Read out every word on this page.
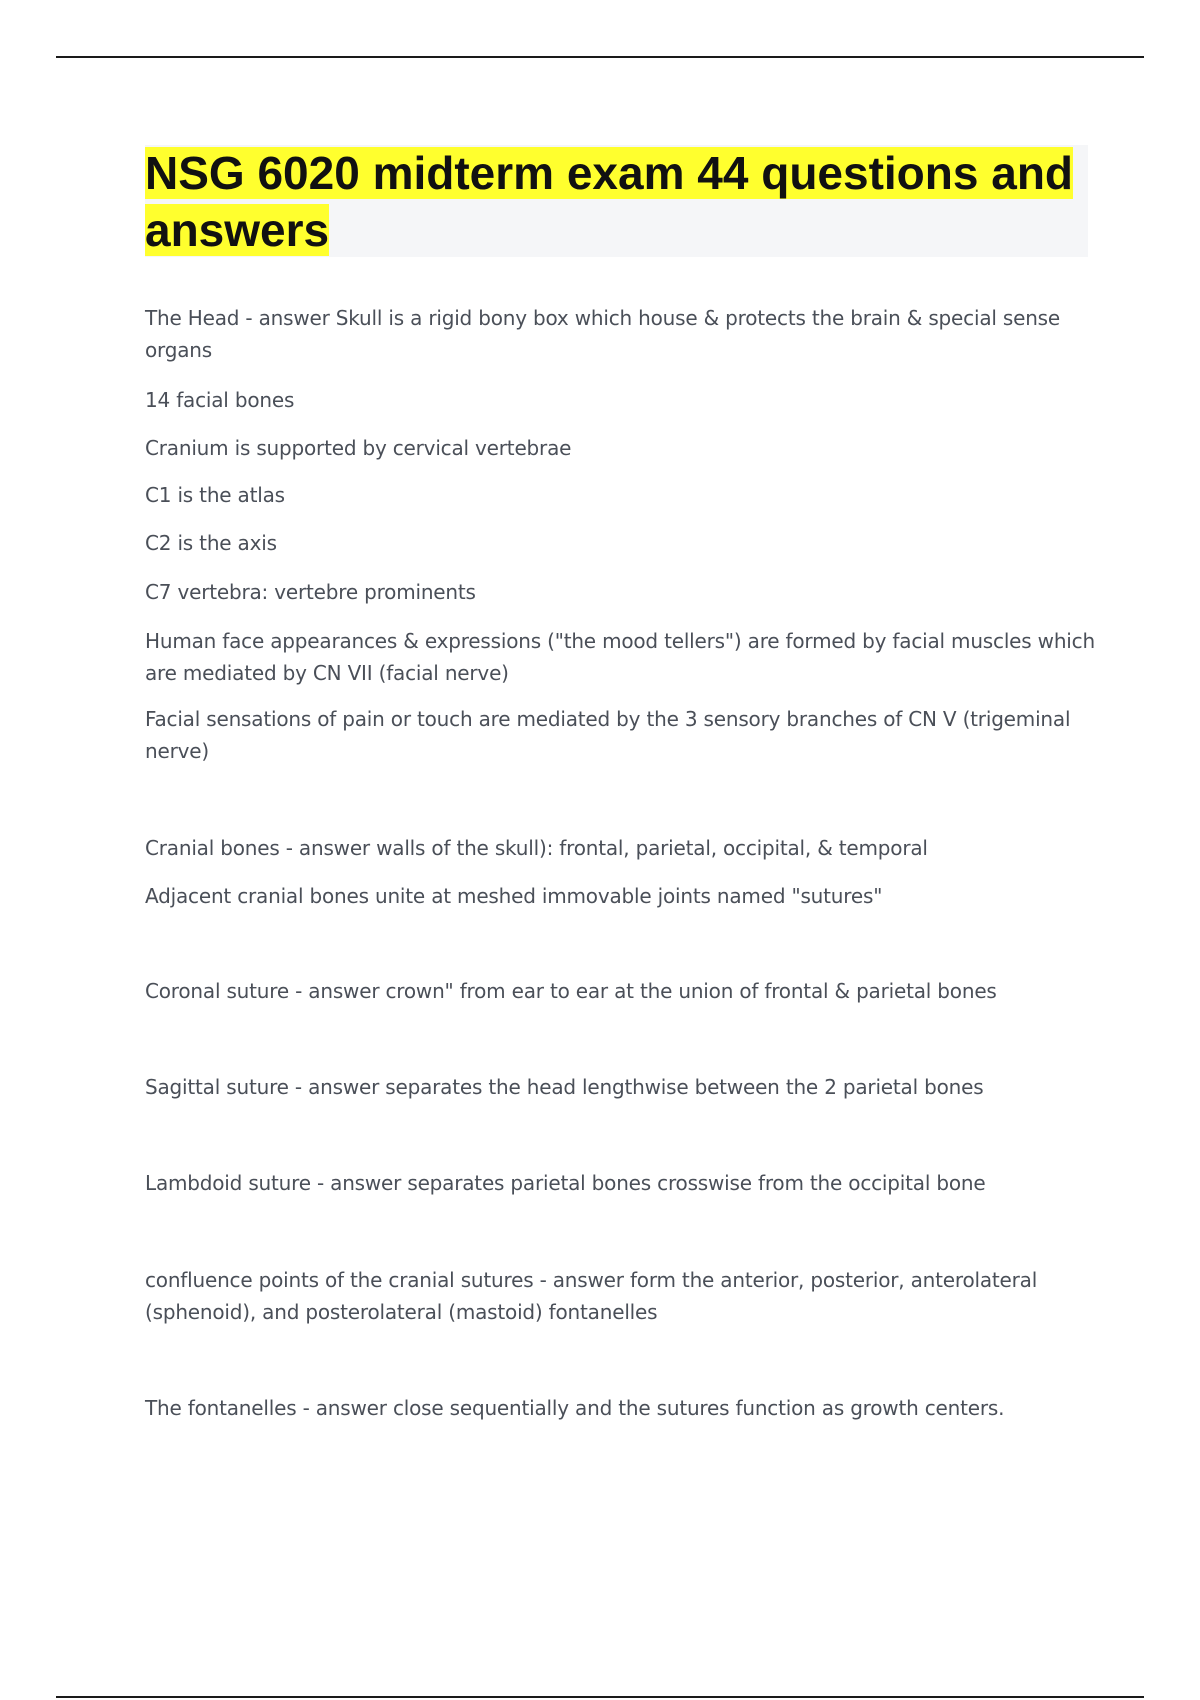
NSG 6020 midterm exam 44 questions and answers

The Head - answer Skull is a rigid bony box which house & protects the brain & special sense organs

14 facial bones

Cranium is supported by cervical vertebrae

C1 is the atlas

C2 is the axis

C7 vertebra: vertebre prominents

Human face appearances & expressions ("the mood tellers") are formed by facial muscles which are mediated by CN VII (facial nerve)

Facial sensations of pain or touch are mediated by the 3 sensory branches of CN V (trigeminal nerve)

Cranial bones - answer walls of the skull): frontal, parietal, occipital, & temporal

Adjacent cranial bones unite at meshed immovable joints named "sutures"

Coronal suture - answer crown" from ear to ear at the union of frontal & parietal bones

Sagittal suture - answer separates the head lengthwise between the 2 parietal bones

Lambdoid suture - answer separates parietal bones crosswise from the occipital bone

confluence points of the cranial sutures - answer form the anterior, posterior, anterolateral (sphenoid), and posterolateral (mastoid) fontanelles

The fontanelles - answer close sequentially and the sutures function as growth centers.
